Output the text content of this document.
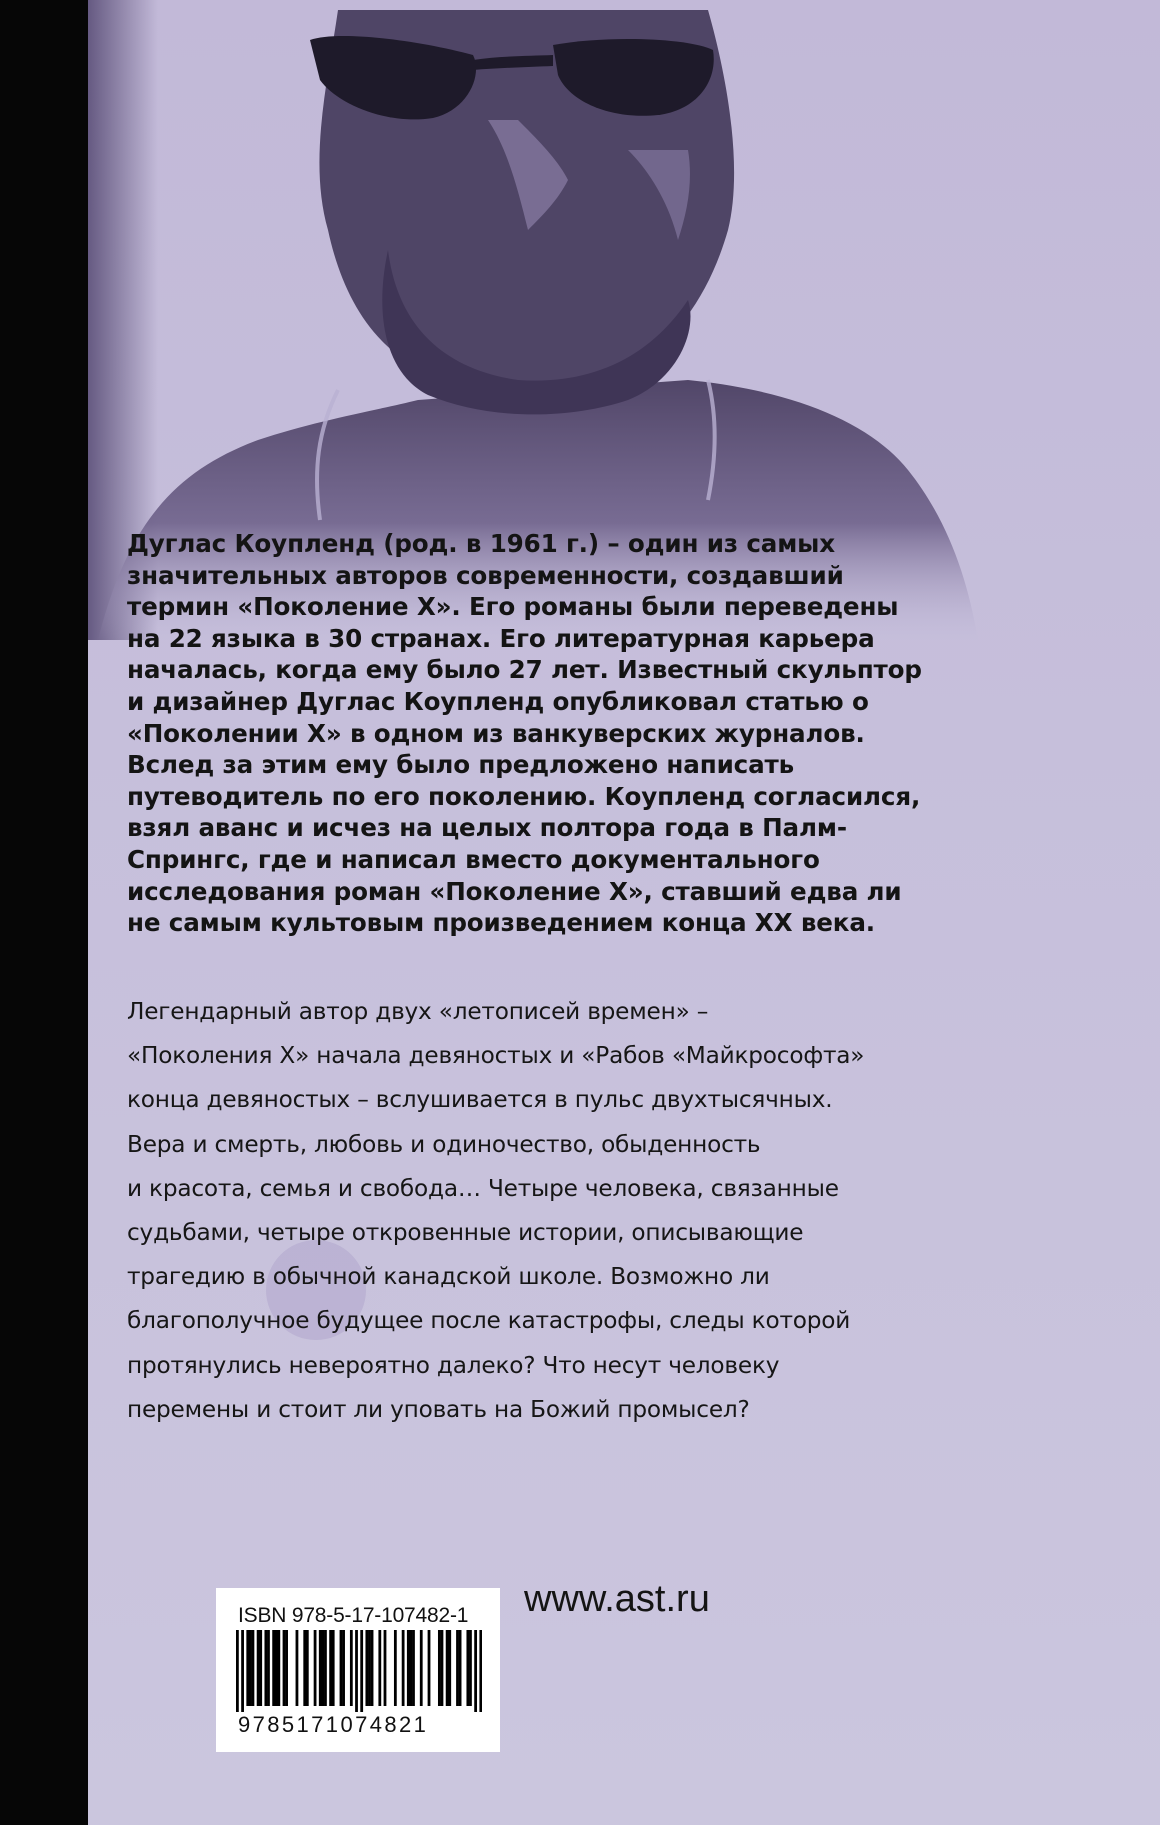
Дуглас Коупленд (род. в 1961 г.) – один из самых
значительных авторов современности, создавший
термин «Поколение Х». Его романы были переведены
на 22 языка в 30 странах. Его литературная карьера
началась, когда ему было 27 лет. Известный скульптор
и дизайнер Дуглас Коупленд опубликовал статью о
«Поколении Х» в одном из ванкуверских журналов.
Вслед за этим ему было предложено написать
путеводитель по его поколению. Коупленд согласился,
взял аванс и исчез на целых полтора года в Палм-
Спрингс, где и написал вместо документального
исследования роман «Поколение Х», ставший едва ли
не самым культовым произведением конца ХХ века.

Легендарный автор двух «летописей времен» –
«Поколения Х» начала девяностых и «Рабов «Майкрософта»
конца девяностых – вслушивается в пульс двухтысячных.
Вера и смерть, любовь и одиночество, обыденность
и красота, семья и свобода… Четыре человека, связанные
судьбами, четыре откровенные истории, описывающие
трагедию в обычной канадской школе. Возможно ли
благополучное будущее после катастрофы, следы которой
протянулись невероятно далеко? Что несут человеку
перемены и стоит ли уповать на Божий промысел?

ISBN 978-5-17-107482-1
9785171074821
www.ast.ru
